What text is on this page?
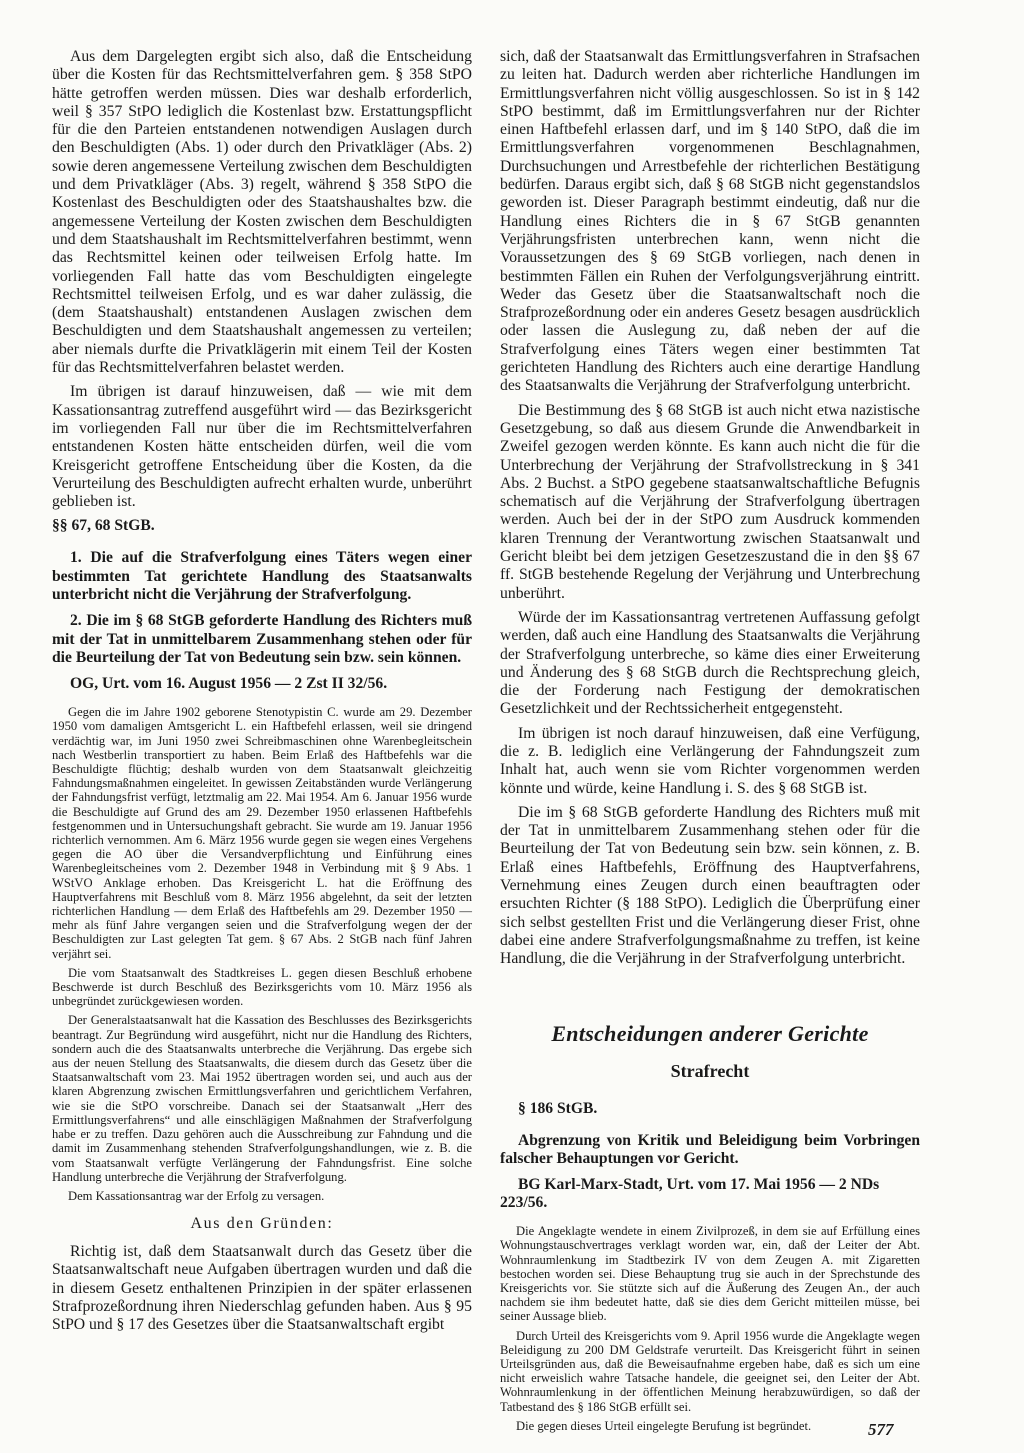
Aus dem Dargelegten ergibt sich also, daß die Entscheidung über die Kosten für das Rechtsmittelverfahren gem. § 358 StPO hätte getroffen werden müssen. Dies war deshalb erforderlich, weil § 357 StPO lediglich die Kostenlast bzw. Erstattungspflicht für die den Parteien entstandenen notwendigen Auslagen durch den Beschuldigten (Abs. 1) oder durch den Privatkläger (Abs. 2) sowie deren angemessene Verteilung zwischen dem Beschuldigten und dem Privatkläger (Abs. 3) regelt, während § 358 StPO die Kostenlast des Beschuldigten oder des Staatshaushaltes bzw. die angemessene Verteilung der Kosten zwischen dem Beschuldigten und dem Staatshaushalt im Rechtsmittelverfahren bestimmt, wenn das Rechtsmittel keinen oder teilweisen Erfolg hatte. Im vorliegenden Fall hatte das vom Beschuldigten eingelegte Rechtsmittel teilweisen Erfolg, und es war daher zulässig, die (dem Staatshaushalt) entstandenen Auslagen zwischen dem Beschuldigten und dem Staatshaushalt angemessen zu verteilen; aber niemals durfte die Privatklägerin mit einem Teil der Kosten für das Rechtsmittelverfahren belastet werden.

Im übrigen ist darauf hinzuweisen, daß — wie mit dem Kassationsantrag zutreffend ausgeführt wird — das Bezirksgericht im vorliegenden Fall nur über die im Rechtsmittelverfahren entstandenen Kosten hätte entscheiden dürfen, weil die vom Kreisgericht getroffene Entscheidung über die Kosten, da die Verurteilung des Beschuldigten aufrecht erhalten wurde, unberührt geblieben ist.

§§ 67, 68 StGB.

1. Die auf die Strafverfolgung eines Täters wegen einer bestimmten Tat gerichtete Handlung des Staatsanwalts unterbricht nicht die Verjährung der Strafverfolgung.

2. Die im § 68 StGB geforderte Handlung des Richters muß mit der Tat in unmittelbarem Zusammenhang stehen oder für die Beurteilung der Tat von Bedeutung sein bzw. sein können.

OG, Urt. vom 16. August 1956 — 2 Zst II 32/56.

Gegen die im Jahre 1902 geborene Stenotypistin C. wurde am 29. Dezember 1950 vom damaligen Amtsgericht L. ein Haftbefehl erlassen, weil sie dringend verdächtig war, im Juni 1950 zwei Schreibmaschinen ohne Warenbegleitschein nach Westberlin transportiert zu haben. Beim Erlaß des Haftbefehls war die Beschuldigte flüchtig; deshalb wurden von dem Staatsanwalt gleichzeitig Fahndungsmaßnahmen eingeleitet. In gewissen Zeitabständen wurde Verlängerung der Fahndungsfrist verfügt, letztmalig am 22. Mai 1954. Am 6. Januar 1956 wurde die Beschuldigte auf Grund des am 29. Dezember 1950 erlassenen Haftbefehls festgenommen und in Untersuchungshaft gebracht. Sie wurde am 19. Januar 1956 richterlich vernommen. Am 6. März 1956 wurde gegen sie wegen eines Vergehens gegen die AO über die Versandverpflichtung und Einführung eines Warenbegleitscheines vom 2. Dezember 1948 in Verbindung mit § 9 Abs. 1 WStVO Anklage erhoben. Das Kreisgericht L. hat die Eröffnung des Hauptverfahrens mit Beschluß vom 8. März 1956 abgelehnt, da seit der letzten richterlichen Handlung — dem Erlaß des Haftbefehls am 29. Dezember 1950 — mehr als fünf Jahre vergangen seien und die Strafverfolgung wegen der der Beschuldigten zur Last gelegten Tat gem. § 67 Abs. 2 StGB nach fünf Jahren verjährt sei.

Die vom Staatsanwalt des Stadtkreises L. gegen diesen Beschluß erhobene Beschwerde ist durch Beschluß des Bezirksgerichts vom 10. März 1956 als unbegründet zurückgewiesen worden.

Der Generalstaatsanwalt hat die Kassation des Beschlusses des Bezirksgerichts beantragt. Zur Begründung wird ausgeführt, nicht nur die Handlung des Richters, sondern auch die des Staatsanwalts unterbreche die Verjährung. Das ergebe sich aus der neuen Stellung des Staatsanwalts, die diesem durch das Gesetz über die Staatsanwaltschaft vom 23. Mai 1952 übertragen worden sei, und auch aus der klaren Abgrenzung zwischen Ermittlungsverfahren und gerichtlichem Verfahren, wie sie die StPO vorschreibe. Danach sei der Staatsanwalt „Herr des Ermittlungsverfahrens“ und alle einschlägigen Maßnahmen der Strafverfolgung habe er zu treffen. Dazu gehören auch die Ausschreibung zur Fahndung und die damit im Zusammenhang stehenden Strafverfolgungshandlungen, wie z. B. die vom Staatsanwalt verfügte Verlängerung der Fahndungsfrist. Eine solche Handlung unterbreche die Verjährung der Strafverfolgung.

Dem Kassationsantrag war der Erfolg zu versagen.

Aus den Gründen:

Richtig ist, daß dem Staatsanwalt durch das Gesetz über die Staatsanwaltschaft neue Aufgaben übertragen wurden und daß die in diesem Gesetz enthaltenen Prinzipien in der später erlassenen Strafprozeßordnung ihren Niederschlag gefunden haben. Aus § 95 StPO und § 17 des Gesetzes über die Staatsanwaltschaft ergibt

sich, daß der Staatsanwalt das Ermittlungsverfahren in Strafsachen zu leiten hat. Dadurch werden aber richterliche Handlungen im Ermittlungsverfahren nicht völlig ausgeschlossen. So ist in § 142 StPO bestimmt, daß im Ermittlungsverfahren nur der Richter einen Haftbefehl erlassen darf, und im § 140 StPO, daß die im Ermittlungsverfahren vorgenommenen Beschlagnahmen, Durchsuchungen und Arrestbefehle der richterlichen Bestätigung bedürfen. Daraus ergibt sich, daß § 68 StGB nicht gegenstandslos geworden ist. Dieser Paragraph bestimmt eindeutig, daß nur die Handlung eines Richters die in § 67 StGB genannten Verjährungsfristen unterbrechen kann, wenn nicht die Voraussetzungen des § 69 StGB vorliegen, nach denen in bestimmten Fällen ein Ruhen der Verfolgungsverjährung eintritt. Weder das Gesetz über die Staatsanwaltschaft noch die Strafprozeßordnung oder ein anderes Gesetz besagen ausdrücklich oder lassen die Auslegung zu, daß neben der auf die Strafverfolgung eines Täters wegen einer bestimmten Tat gerichteten Handlung des Richters auch eine derartige Handlung des Staatsanwalts die Verjährung der Strafverfolgung unterbricht.

Die Bestimmung des § 68 StGB ist auch nicht etwa nazistische Gesetzgebung, so daß aus diesem Grunde die Anwendbarkeit in Zweifel gezogen werden könnte. Es kann auch nicht die für die Unterbrechung der Verjährung der Strafvollstreckung in § 341 Abs. 2 Buchst. a StPO gegebene staatsanwaltschaftliche Befugnis schematisch auf die Verjährung der Strafverfolgung übertragen werden. Auch bei der in der StPO zum Ausdruck kommenden klaren Trennung der Verantwortung zwischen Staatsanwalt und Gericht bleibt bei dem jetzigen Gesetzeszustand die in den §§ 67 ff. StGB bestehende Regelung der Verjährung und Unterbrechung unberührt.

Würde der im Kassationsantrag vertretenen Auffassung gefolgt werden, daß auch eine Handlung des Staatsanwalts die Verjährung der Strafverfolgung unterbreche, so käme dies einer Erweiterung und Änderung des § 68 StGB durch die Rechtsprechung gleich, die der Forderung nach Festigung der demokratischen Gesetzlichkeit und der Rechtssicherheit entgegensteht.

Im übrigen ist noch darauf hinzuweisen, daß eine Verfügung, die z. B. lediglich eine Verlängerung der Fahndungszeit zum Inhalt hat, auch wenn sie vom Richter vorgenommen werden könnte und würde, keine Handlung i. S. des § 68 StGB ist.

Die im § 68 StGB geforderte Handlung des Richters muß mit der Tat in unmittelbarem Zusammenhang stehen oder für die Beurteilung der Tat von Bedeutung sein bzw. sein können, z. B. Erlaß eines Haftbefehls, Eröffnung des Hauptverfahrens, Vernehmung eines Zeugen durch einen beauftragten oder ersuchten Richter (§ 188 StPO). Lediglich die Überprüfung einer sich selbst gestellten Frist und die Verlängerung dieser Frist, ohne dabei eine andere Strafverfolgungsmaßnahme zu treffen, ist keine Handlung, die die Verjährung in der Strafverfolgung unterbricht.

Entscheidungen anderer Gerichte

Strafrecht

§ 186 StGB.

Abgrenzung von Kritik und Beleidigung beim Vorbringen falscher Behauptungen vor Gericht.

BG Karl-Marx-Stadt, Urt. vom 17. Mai 1956 — 2 NDs 223/56.

Die Angeklagte wendete in einem Zivilprozeß, in dem sie auf Erfüllung eines Wohnungstauschvertrages verklagt worden war, ein, daß der Leiter der Abt. Wohnraumlenkung im Stadtbezirk IV von dem Zeugen A. mit Zigaretten bestochen worden sei. Diese Behauptung trug sie auch in der Sprechstunde des Kreisgerichts vor. Sie stützte sich auf die Äußerung des Zeugen An., der auch nachdem sie ihm bedeutet hatte, daß sie dies dem Gericht mitteilen müsse, bei seiner Aussage blieb.

Durch Urteil des Kreisgerichts vom 9. April 1956 wurde die Angeklagte wegen Beleidigung zu 200 DM Geldstrafe verurteilt. Das Kreisgericht führt in seinen Urteilsgründen aus, daß die Beweisaufnahme ergeben habe, daß es sich um eine nicht erweislich wahre Tatsache handele, die geeignet sei, den Leiter der Abt. Wohnraumlenkung in der öffentlichen Meinung herabzuwürdigen, so daß der Tatbestand des § 186 StGB erfüllt sei.

Die gegen dieses Urteil eingelegte Berufung ist begründet.	577
